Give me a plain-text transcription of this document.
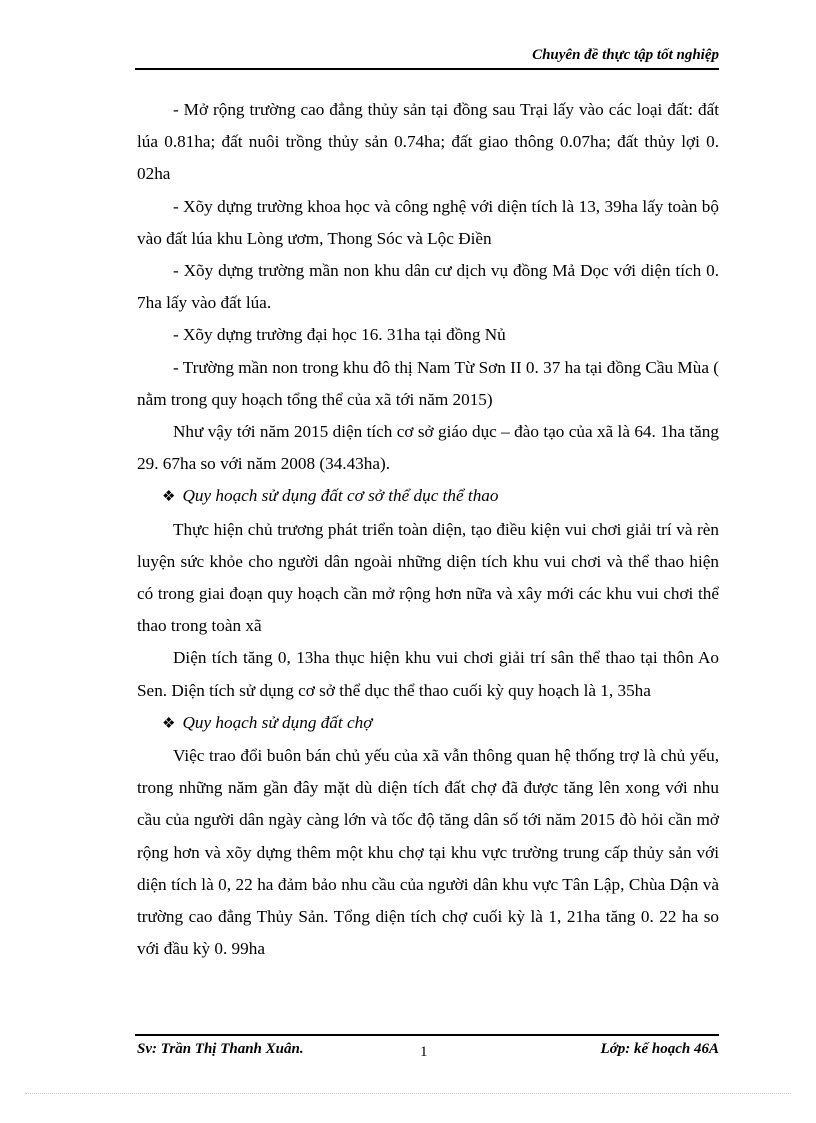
Chuyên đề thực tập tốt nghiệp

- Mở rộng trường cao đẳng thủy sản tại đồng sau Trại lấy vào các loại đất: đất lúa 0.81ha; đất nuôi trồng thủy sản 0.74ha; đất giao thông 0.07ha; đất thủy lợi 0. 02ha

- Xõy dựng trường khoa học và công nghệ với diện tích là 13, 39ha lấy toàn bộ vào đất lúa khu Lòng ươm, Thong Sóc và Lộc Điền

- Xõy dựng trường mần non khu dân cư dịch vụ đồng Mả Dọc với diện tích 0. 7ha lấy vào đất lúa.

- Xõy dựng trường đại học 16. 31ha tại đồng Nủ

- Trường mần non trong khu đô thị Nam Từ Sơn II 0. 37 ha tại đồng Cầu Mùa ( nằm trong quy hoạch tổng thể của xã tới năm 2015)

Như vậy tới năm 2015 diện tích cơ sở giáo dục – đào tạo của xã là 64. 1ha tăng 29. 67ha so với năm 2008 (34.43ha).

❖ Quy hoạch sử dụng đất cơ sở thể dục thể thao

Thực hiện chủ trương phát triển toàn diện, tạo điều kiện vui chơi giải trí và rèn luyện sức khỏe cho người dân ngoài những diện tích khu vui chơi và thể thao hiện có trong giai đoạn quy hoạch cần mở rộng hơn nữa và xây mới các khu vui chơi thể thao trong toàn xã

Diện tích tăng 0, 13ha thục hiện khu vui chơi giải trí sân thể thao tại thôn Ao Sen. Diện tích sử dụng cơ sở thể dục thể thao cuối kỳ quy hoạch là 1, 35ha

❖ Quy hoạch sử dụng đất chợ

Việc trao đổi buôn bán chủ yếu của xã vẫn thông quan hệ thống trợ là chủ yếu, trong những năm gần đây mặt dù diện tích đất chợ đã được tăng lên xong với nhu cầu của người dân ngày càng lớn và tốc độ tăng dân số tới năm 2015 đò hỏi cần mở rộng hơn và xõy dựng thêm một khu chợ tại khu vực trường trung cấp thủy sản với diện tích là 0, 22 ha đảm bảo nhu cầu của người dân khu vực Tân Lập, Chùa Dận và trường cao đẳng Thủy Sản. Tổng diện tích chợ cuối kỳ là 1, 21ha tăng 0. 22 ha so với đầu kỳ 0. 99ha

Sv: Trần Thị Thanh Xuân.	1	Lớp: kế hoạch 46A
